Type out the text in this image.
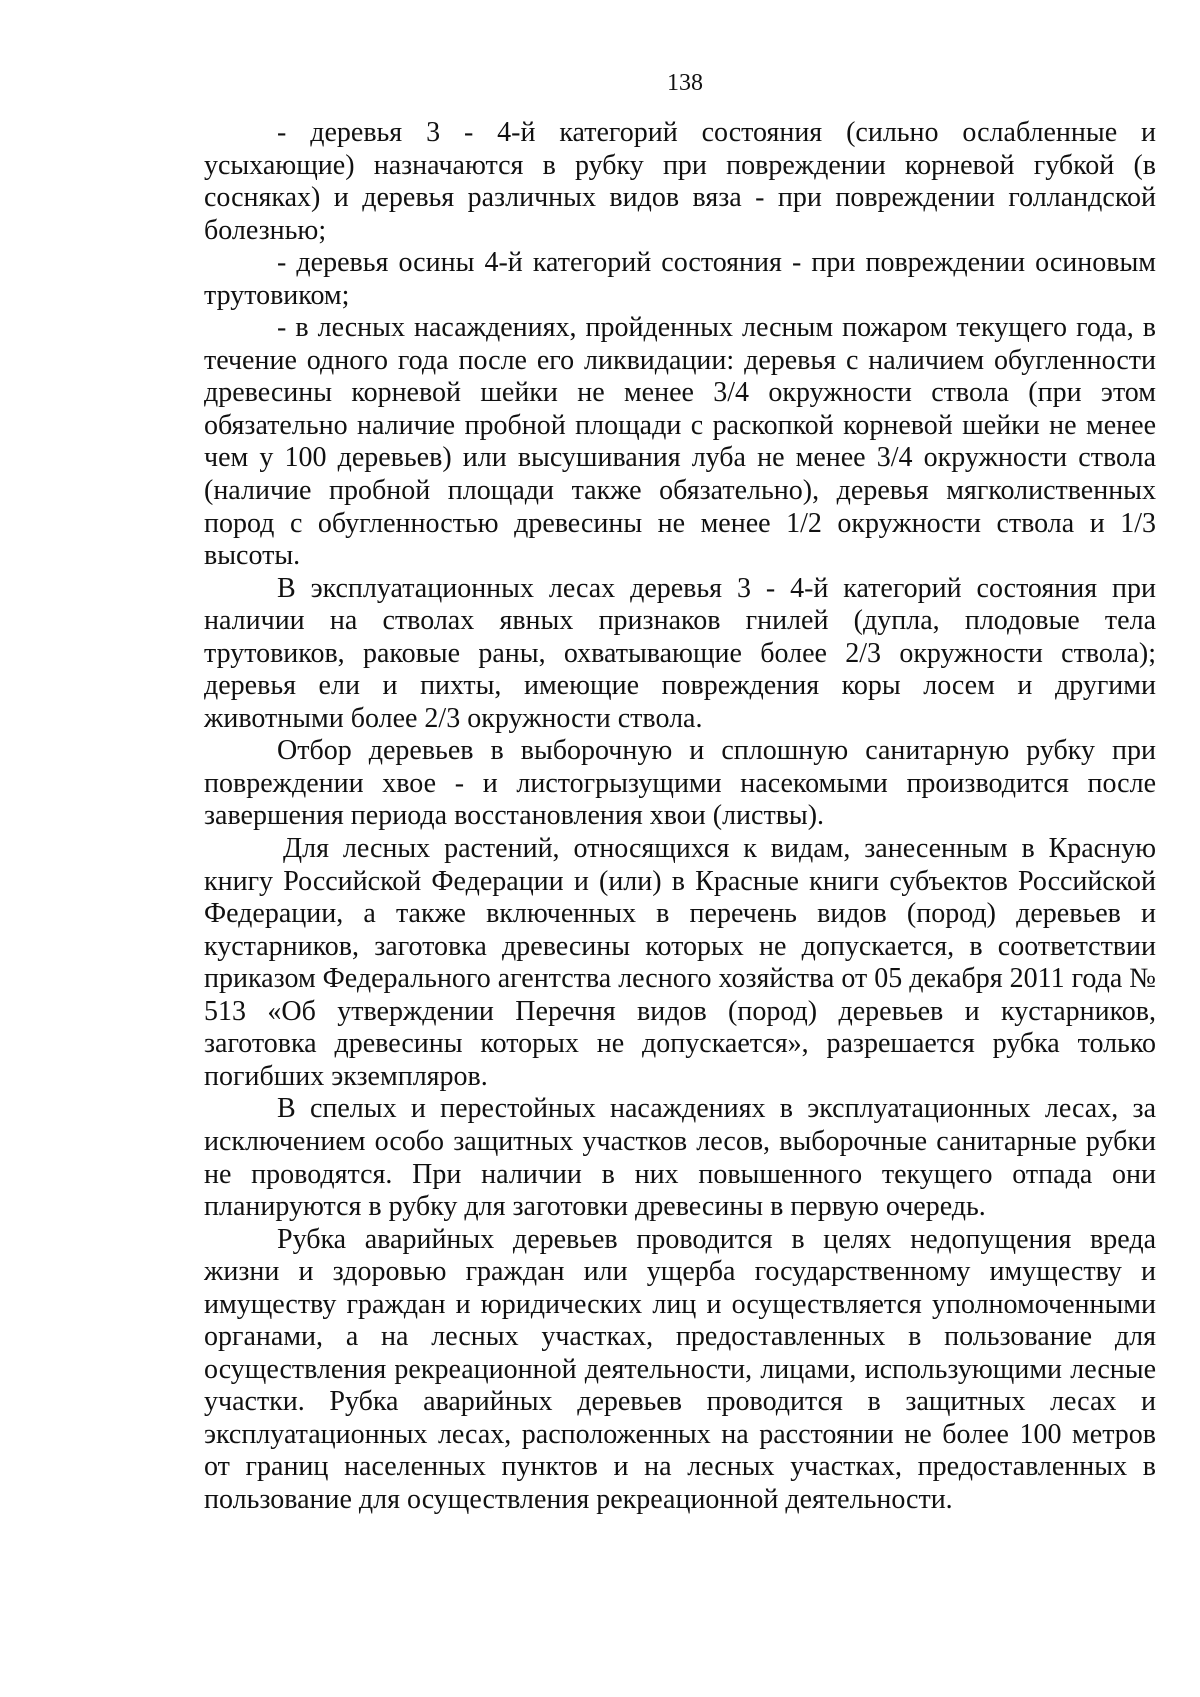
138

- деревья 3 - 4-й категорий состояния (сильно ослабленные и усыхающие) назначаются в рубку при повреждении корневой губкой (в сосняках) и деревья различных видов вяза - при повреждении голландской болезнью;

- деревья осины 4-й категорий состояния - при повреждении осиновым трутовиком;

- в лесных насаждениях, пройденных лесным пожаром текущего года, в течение одного года после его ликвидации: деревья с наличием обугленности древесины корневой шейки не менее 3/4 окружности ствола (при этом обязательно наличие пробной площади с раскопкой корневой шейки не менее чем у 100 деревьев) или высушивания луба не менее 3/4 окружности ствола (наличие пробной площади также обязательно), деревья мягколиственных пород с обугленностью древесины не менее 1/2 окружности ствола и 1/3 высоты.

В эксплуатационных лесах деревья 3 - 4-й категорий состояния при наличии на стволах явных признаков гнилей (дупла, плодовые тела трутовиков, раковые раны, охватывающие более 2/3 окружности ствола); деревья ели и пихты, имеющие повреждения коры лосем и другими животными более 2/3 окружности ствола.

Отбор деревьев в выборочную и сплошную санитарную рубку при повреждении хвое - и листогрызущими насекомыми производится после завершения периода восстановления хвои (листвы).

Для лесных растений, относящихся к видам, занесенным в Красную книгу Российской Федерации и (или) в Красные книги субъектов Российской Федерации, а также включенных в перечень видов (пород) деревьев и кустарников, заготовка древесины которых не допускается, в соответствии приказом Федерального агентства лесного хозяйства от 05 декабря 2011 года № 513 «Об утверждении Перечня видов (пород) деревьев и кустарников, заготовка древесины которых не допускается», разрешается рубка только погибших экземпляров.

В спелых и перестойных насаждениях в эксплуатационных лесах, за исключением особо защитных участков лесов, выборочные санитарные рубки не проводятся. При наличии в них повышенного текущего отпада они планируются в рубку для заготовки древесины в первую очередь.

Рубка аварийных деревьев проводится в целях недопущения вреда жизни и здоровью граждан или ущерба государственному имуществу и имуществу граждан и юридических лиц и осуществляется уполномоченными органами, а на лесных участках, предоставленных в пользование для осуществления рекреационной деятельности, лицами, использующими лесные участки. Рубка аварийных деревьев проводится в защитных лесах и эксплуатационных лесах, расположенных на расстоянии не более 100 метров от границ населенных пунктов и на лесных участках, предоставленных в пользование для осуществления рекреационной деятельности.
